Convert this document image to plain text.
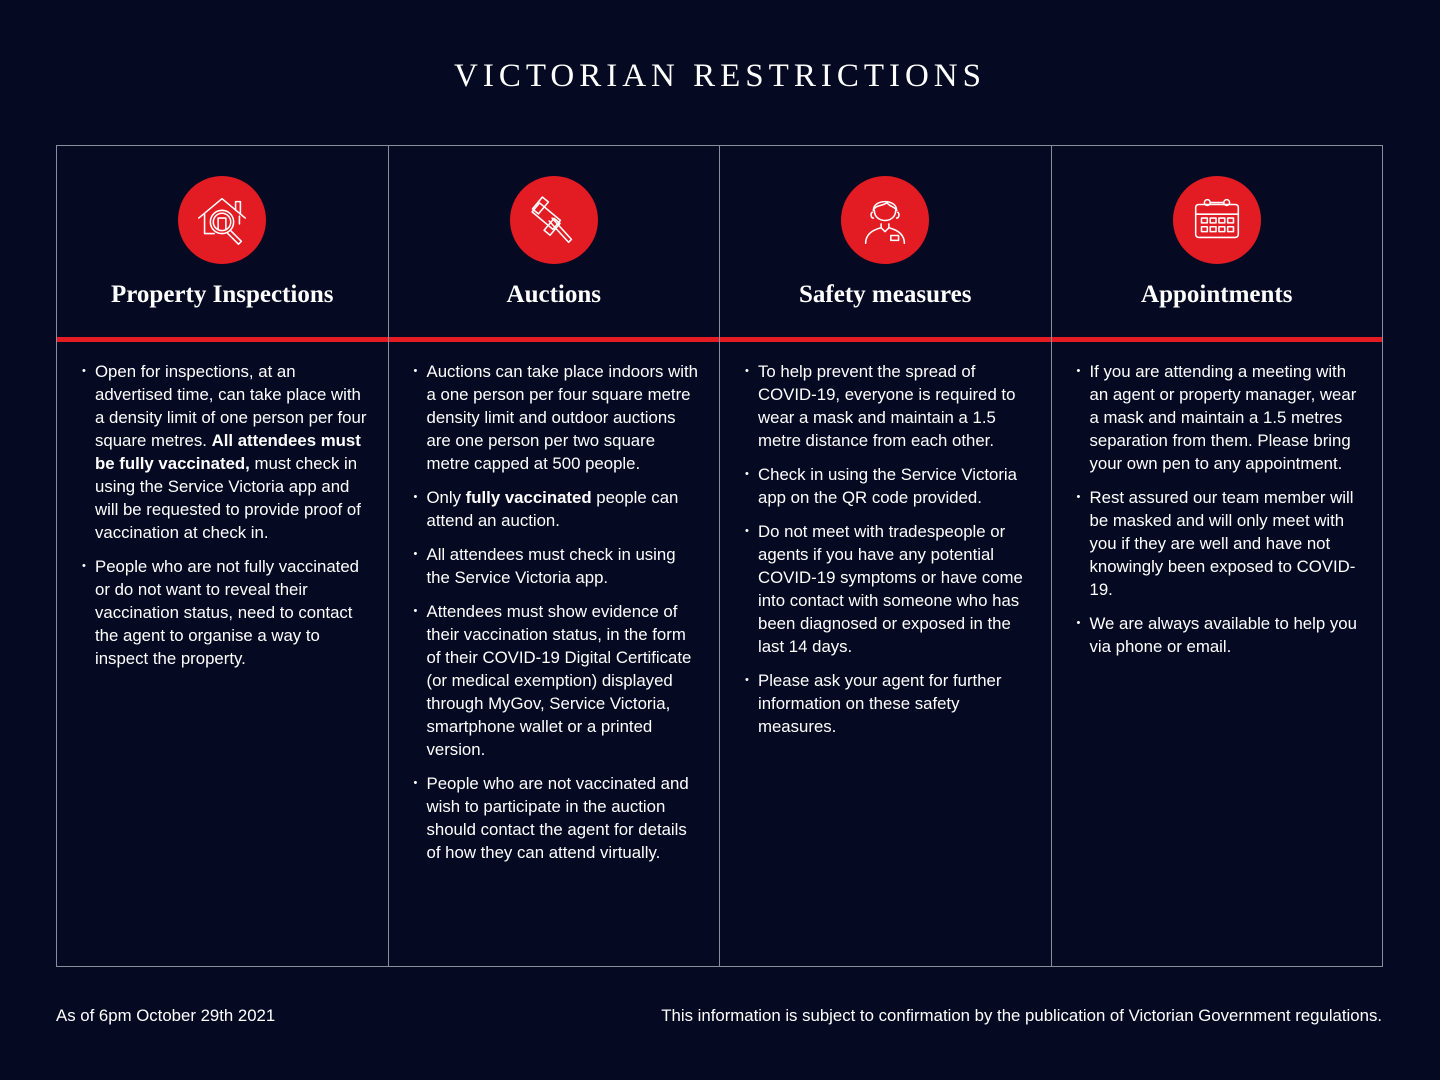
VICTORIAN RESTRICTIONS
Property Inspections
• Open for inspections, at an advertised time, can take place with a density limit of one person per four square metres. All attendees must be fully vaccinated, must check in using the Service Victoria app and will be requested to provide proof of vaccination at check in.
• People who are not fully vaccinated or do not want to reveal their vaccination status, need to contact the agent to organise a way to inspect the property.
Auctions
• Auctions can take place indoors with a one person per four square metre density limit and outdoor auctions are one person per two square metre capped at 500 people.
• Only fully vaccinated people can attend an auction.
• All attendees must check in using the Service Victoria app.
• Attendees must show evidence of their vaccination status, in the form of their COVID-19 Digital Certificate (or medical exemption) displayed through MyGov, Service Victoria, smartphone wallet or a printed version.
• People who are not vaccinated and wish to participate in the auction should contact the agent for details of how they can attend virtually.
Safety measures
• To help prevent the spread of COVID-19, everyone is required to wear a mask and maintain a 1.5 metre distance from each other.
• Check in using the Service Victoria app on the QR code provided.
• Do not meet with tradespeople or agents if you have any potential COVID-19 symptoms or have come into contact with someone who has been diagnosed or exposed in the last 14 days.
• Please ask your agent for further information on these safety measures.
Appointments
• If you are attending a meeting with an agent or property manager, wear a mask and maintain a 1.5 metres separation from them. Please bring your own pen to any appointment.
• Rest assured our team member will be masked and will only meet with you if they are well and have not knowingly been exposed to COVID-19.
• We are always available to help you via phone or email.
As of 6pm October 29th 2021	This information is subject to confirmation by the publication of Victorian Government regulations.
